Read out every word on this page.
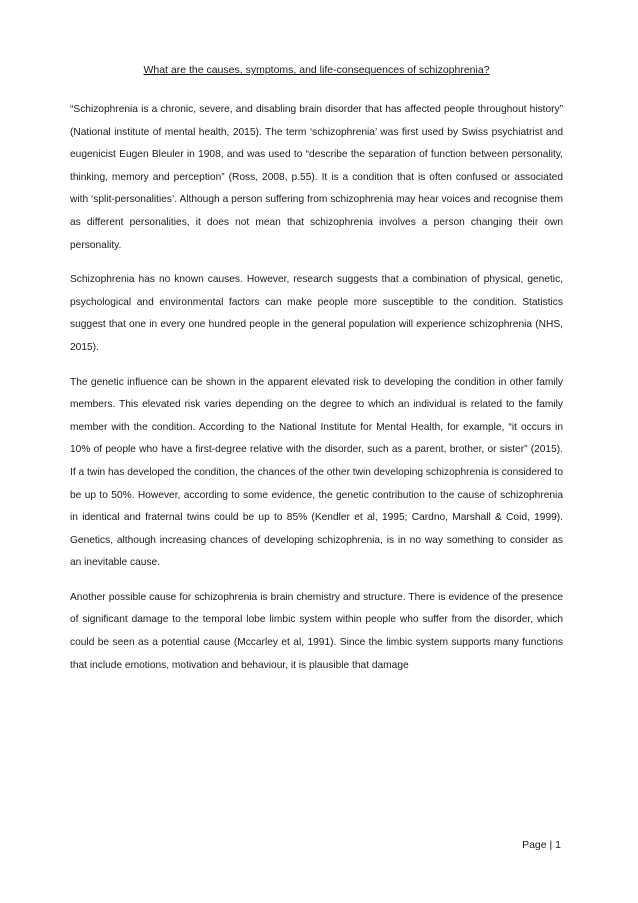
What are the causes, symptoms, and life-consequences of schizophrenia?

“Schizophrenia is a chronic, severe, and disabling brain disorder that has affected people throughout history” (National institute of mental health, 2015). The term ‘schizophrenia’ was first used by Swiss psychiatrist and eugenicist Eugen Bleuler in 1908, and was used to “describe the separation of function between personality, thinking, memory and perception” (Ross, 2008, p.55). It is a condition that is often confused or associated with ‘split-personalities’. Although a person suffering from schizophrenia may hear voices and recognise them as different personalities, it does not mean that schizophrenia involves a person changing their own personality.

Schizophrenia has no known causes. However, research suggests that a combination of physical, genetic, psychological and environmental factors can make people more susceptible to the condition. Statistics suggest that one in every one hundred people in the general population will experience schizophrenia (NHS, 2015).

The genetic influence can be shown in the apparent elevated risk to developing the condition in other family members. This elevated risk varies depending on the degree to which an individual is related to the family member with the condition. According to the National Institute for Mental Health, for example, “it occurs in 10% of people who have a first-degree relative with the disorder, such as a parent, brother, or sister” (2015). If a twin has developed the condition, the chances of the other twin developing schizophrenia is considered to be up to 50%. However, according to some evidence, the genetic contribution to the cause of schizophrenia in identical and fraternal twins could be up to 85% (Kendler et al, 1995; Cardno, Marshall & Coid, 1999). Genetics, although increasing chances of developing schizophrenia, is in no way something to consider as an inevitable cause.

Another possible cause for schizophrenia is brain chemistry and structure. There is evidence of the presence of significant damage to the temporal lobe limbic system within people who suffer from the disorder, which could be seen as a potential cause (Mccarley et al, 1991). Since the limbic system supports many functions that include emotions, motivation and behaviour, it is plausible that damage

Page | 1
